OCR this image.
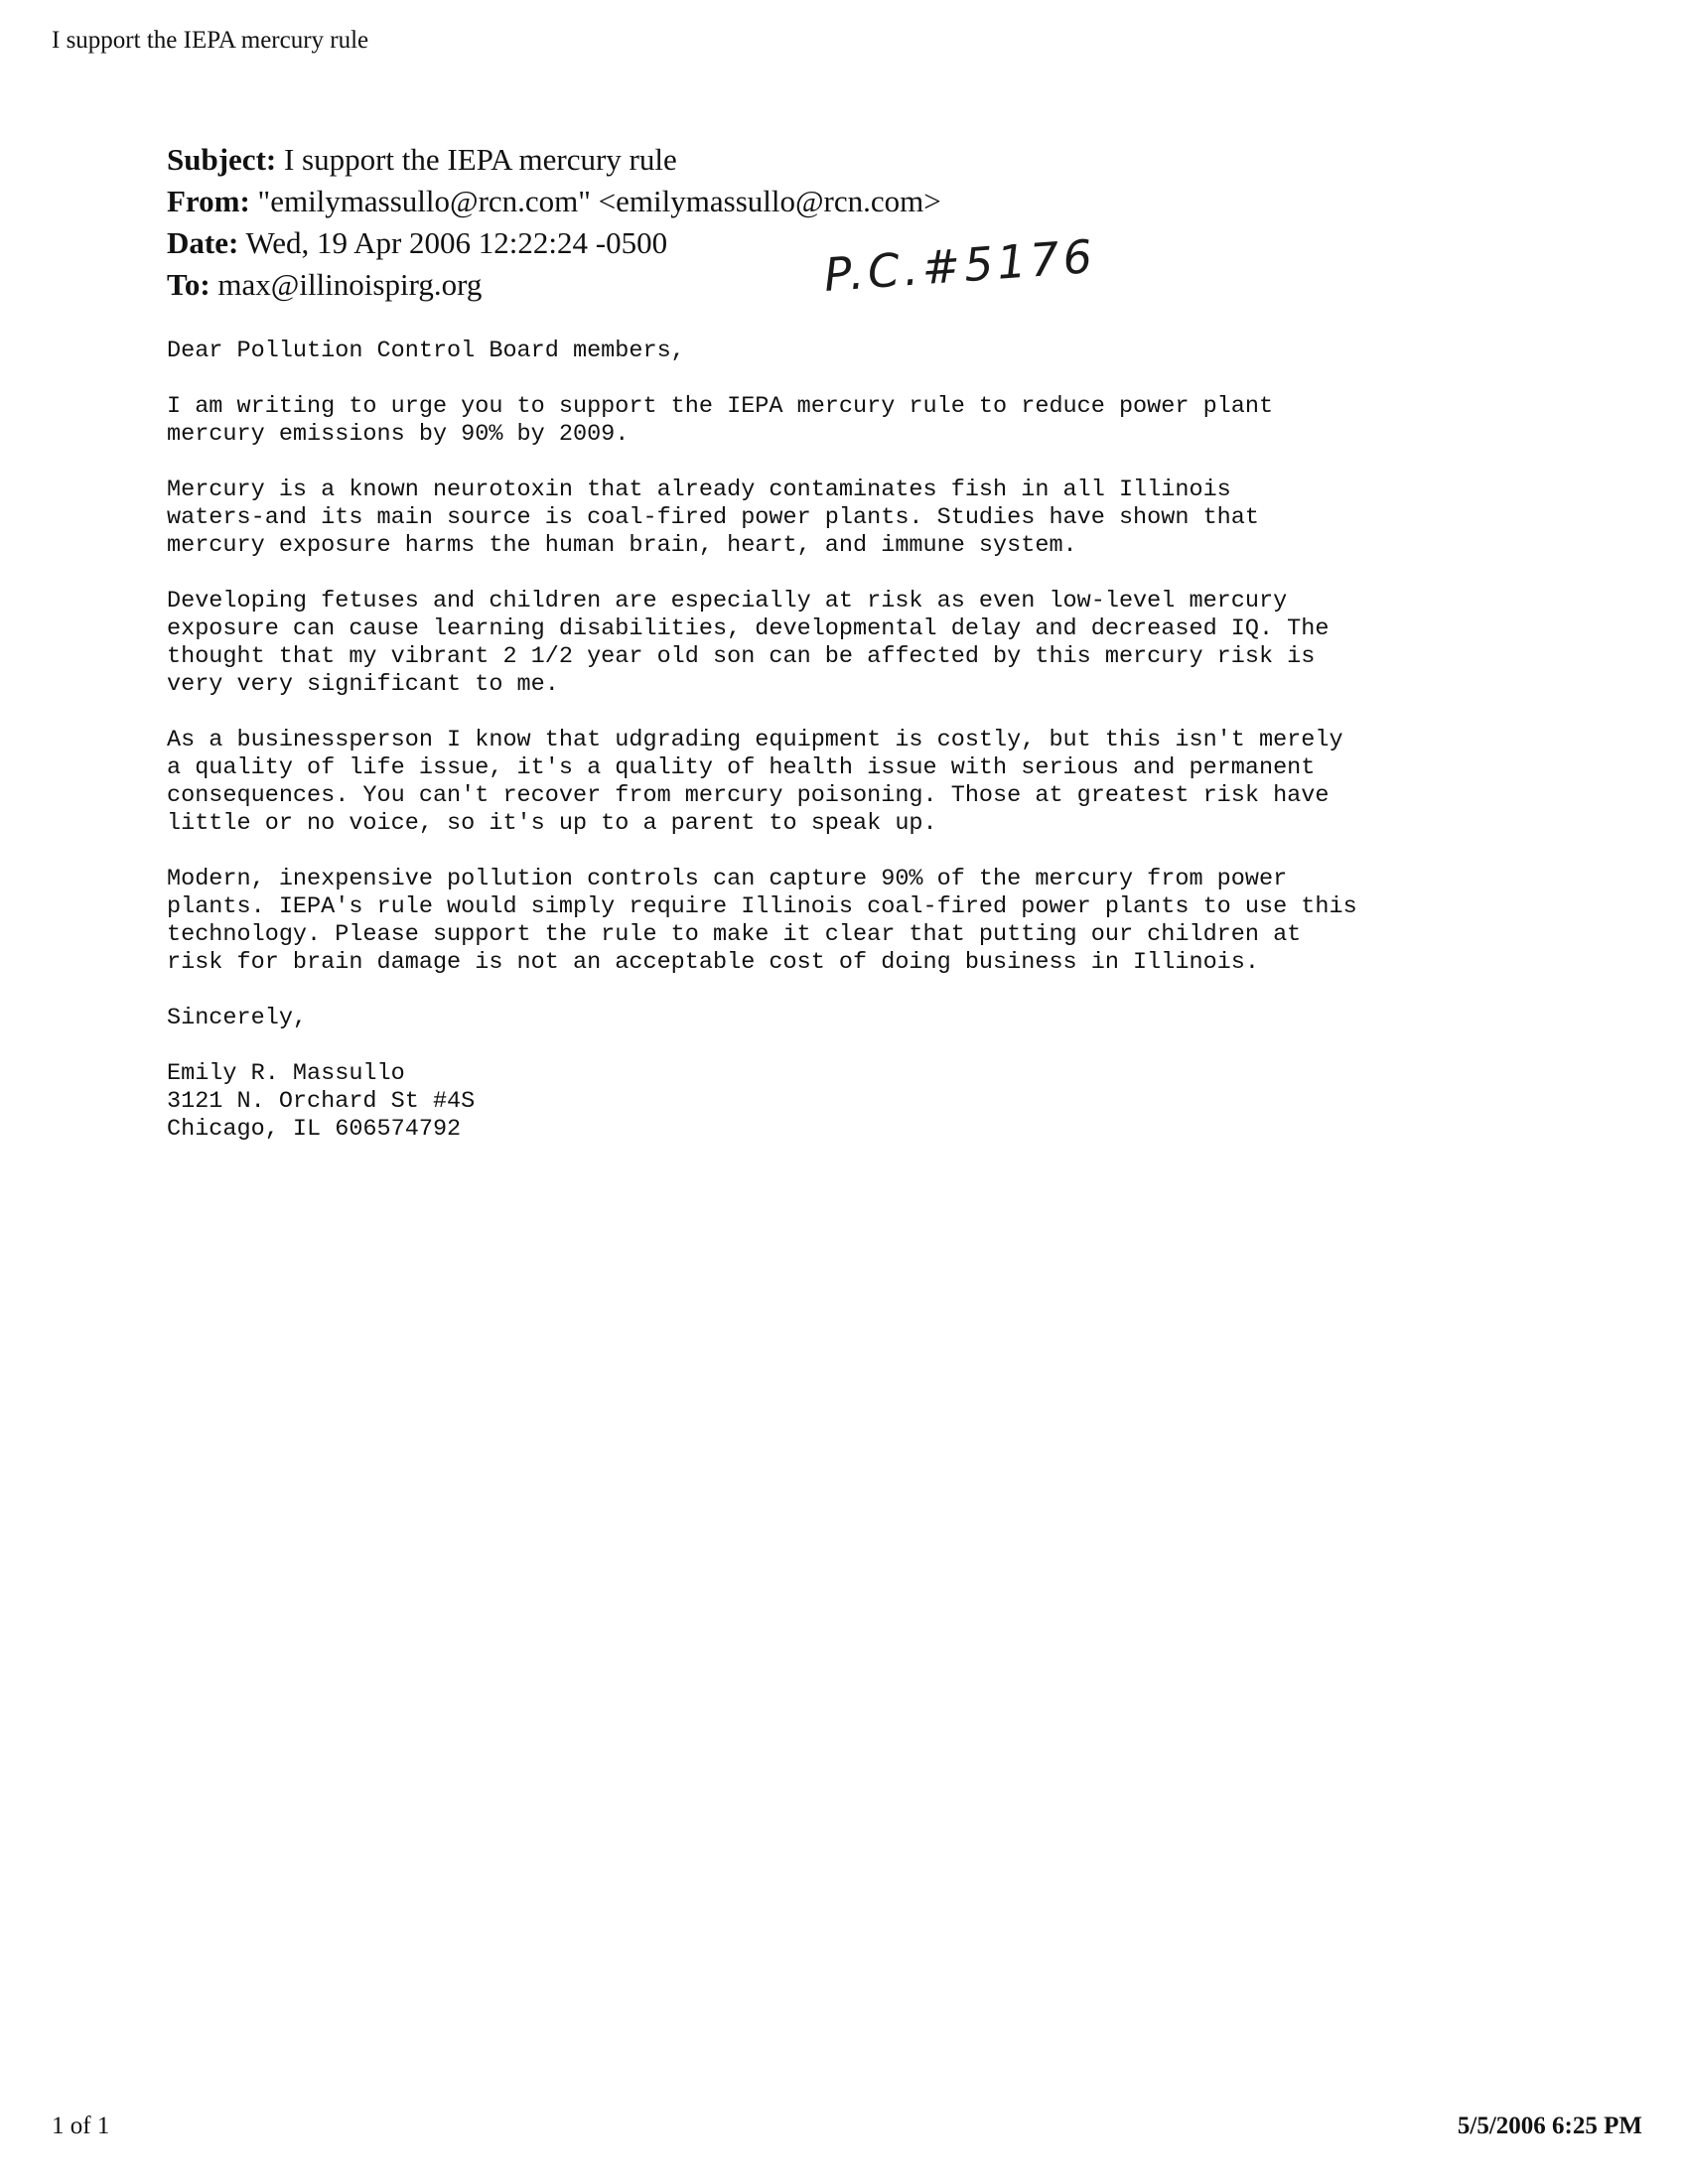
I support the IEPA mercury rule
Subject: I support the IEPA mercury rule
From: "emilymassullo@rcn.com" <emilymassullo@rcn.com>
Date: Wed, 19 Apr 2006 12:22:24 -0500
To: max@illinoispirg.org	P.C.#5176

Dear Pollution Control Board members,

I am writing to urge you to support the IEPA mercury rule to reduce power plant
mercury emissions by 90% by 2009.

Mercury is a known neurotoxin that already contaminates fish in all Illinois
waters-and its main source is coal-fired power plants. Studies have shown that
mercury exposure harms the human brain, heart, and immune system.

Developing fetuses and children are especially at risk as even low-level mercury
exposure can cause learning disabilities, developmental delay and decreased IQ. The
thought that my vibrant 2 1/2 year old son can be affected by this mercury risk is
very very significant to me.

As a businessperson I know that udgrading equipment is costly, but this isn't merely
a quality of life issue, it's a quality of health issue with serious and permanent
consequences. You can't recover from mercury poisoning. Those at greatest risk have
little or no voice, so it's up to a parent to speak up.

Modern, inexpensive pollution controls can capture 90% of the mercury from power
plants. IEPA's rule would simply require Illinois coal-fired power plants to use this
technology. Please support the rule to make it clear that putting our children at
risk for brain damage is not an acceptable cost of doing business in Illinois.

Sincerely,

Emily R. Massullo
3121 N. Orchard St #4S
Chicago, IL 606574792
1 of 1	5/5/2006 6:25 PM
